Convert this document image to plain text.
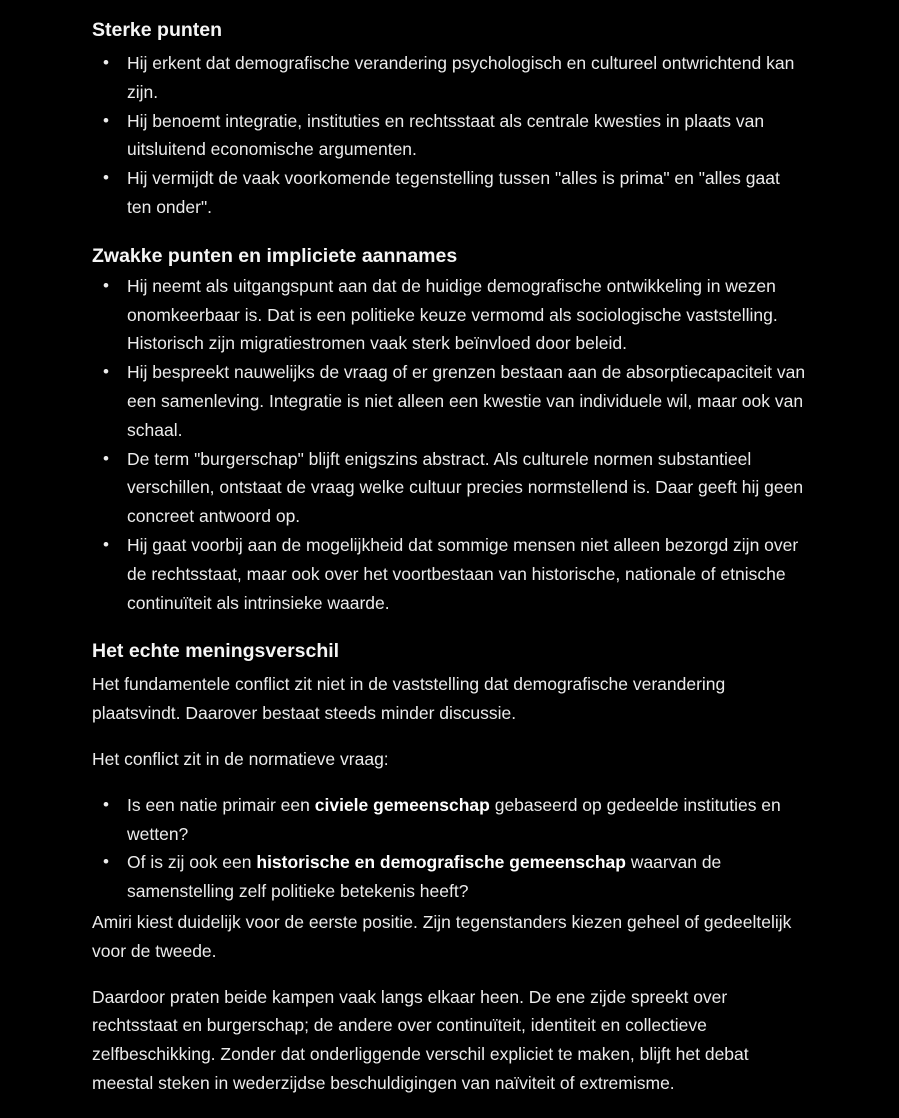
Sterke punten
• Hij erkent dat demografische verandering psychologisch en cultureel ontwrichtend kan zijn.
• Hij benoemt integratie, instituties en rechtsstaat als centrale kwesties in plaats van uitsluitend economische argumenten.
• Hij vermijdt de vaak voorkomende tegenstelling tussen "alles is prima" en "alles gaat ten onder".
Zwakke punten en impliciete aannames
• Hij neemt als uitgangspunt aan dat de huidige demografische ontwikkeling in wezen onomkeerbaar is. Dat is een politieke keuze vermomd als sociologische vaststelling. Historisch zijn migratiestromen vaak sterk beïnvloed door beleid.
• Hij bespreekt nauwelijks de vraag of er grenzen bestaan aan de absorptiecapaciteit van een samenleving. Integratie is niet alleen een kwestie van individuele wil, maar ook van schaal.
• De term "burgerschap" blijft enigszins abstract. Als culturele normen substantieel verschillen, ontstaat de vraag welke cultuur precies normstellend is. Daar geeft hij geen concreet antwoord op.
• Hij gaat voorbij aan de mogelijkheid dat sommige mensen niet alleen bezorgd zijn over de rechtsstaat, maar ook over het voortbestaan van historische, nationale of etnische continuïteit als intrinsieke waarde.
Het echte meningsverschil

Het fundamentele conflict zit niet in de vaststelling dat demografische verandering plaatsvindt. Daarover bestaat steeds minder discussie.

Het conflict zit in de normatieve vraag:

• Is een natie primair een civiele gemeenschap gebaseerd op gedeelde instituties en wetten?
• Of is zij ook een historische en demografische gemeenschap waarvan de samenstelling zelf politieke betekenis heeft?

Amiri kiest duidelijk voor de eerste positie. Zijn tegenstanders kiezen geheel of gedeeltelijk voor de tweede.

Daardoor praten beide kampen vaak langs elkaar heen. De ene zijde spreekt over rechtsstaat en burgerschap; de andere over continuïteit, identiteit en collectieve zelfbeschikking. Zonder dat onderliggende verschil expliciet te maken, blijft het debat meestal steken in wederzijdse beschuldigingen van naïviteit of extremisme.
